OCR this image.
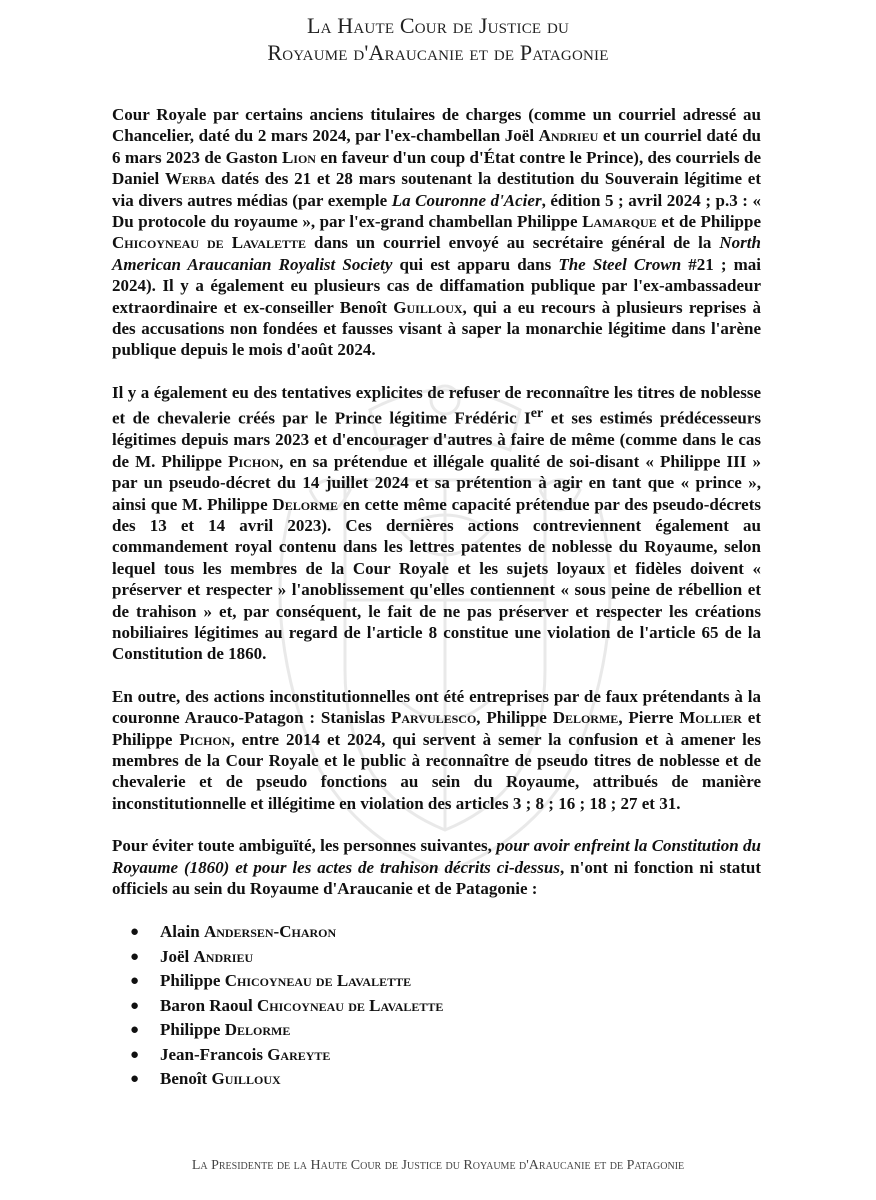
La Haute Cour de Justice du
Royaume d'Araucanie et de Patagonie

Cour Royale par certains anciens titulaires de charges (comme un courriel adressé au Chancelier, daté du 2 mars 2024, par l'ex-chambellan Joël Andrieu et un courriel daté du 6 mars 2023 de Gaston Lion en faveur d'un coup d'État contre le Prince), des courriels de Daniel Werba datés des 21 et 28 mars soutenant la destitution du Souverain légitime et via divers autres médias (par exemple La Couronne d'Acier, édition 5 ; avril 2024 ; p.3 : « Du protocole du royaume », par l'ex-grand chambellan Philippe Lamarque et de Philippe Chicoyneau de Lavalette dans un courriel envoyé au secrétaire général de la North American Araucanian Royalist Society qui est apparu dans The Steel Crown #21 ; mai 2024). Il y a également eu plusieurs cas de diffamation publique par l'ex-ambassadeur extraordinaire et ex-conseiller Benoît Guilloux, qui a eu recours à plusieurs reprises à des accusations non fondées et fausses visant à saper la monarchie légitime dans l'arène publique depuis le mois d'août 2024.

Il y a également eu des tentatives explicites de refuser de reconnaître les titres de noblesse et de chevalerie créés par le Prince légitime Frédéric Ier et ses estimés prédécesseurs légitimes depuis mars 2023 et d'encourager d'autres à faire de même (comme dans le cas de M. Philippe Pichon, en sa prétendue et illégale qualité de soi-disant « Philippe III » par un pseudo-décret du 14 juillet 2024 et sa prétention à agir en tant que « prince », ainsi que M. Philippe Delorme en cette même capacité prétendue par des pseudo-décrets des 13 et 14 avril 2023). Ces dernières actions contreviennent également au commandement royal contenu dans les lettres patentes de noblesse du Royaume, selon lequel tous les membres de la Cour Royale et les sujets loyaux et fidèles doivent « préserver et respecter » l'anoblissement qu'elles contiennent « sous peine de rébellion et de trahison » et, par conséquent, le fait de ne pas préserver et respecter les créations nobiliaires légitimes au regard de l'article 8 constitue une violation de l'article 65 de la Constitution de 1860.

En outre, des actions inconstitutionnelles ont été entreprises par de faux prétendants à la couronne Arauco-Patagon : Stanislas Parvulesco, Philippe Delorme, Pierre Mollier et Philippe Pichon, entre 2014 et 2024, qui servent à semer la confusion et à amener les membres de la Cour Royale et le public à reconnaître de pseudo titres de noblesse et de chevalerie et de pseudo fonctions au sein du Royaume, attribués de manière inconstitutionnelle et illégitime en violation des articles 3 ; 8 ; 16 ; 18 ; 27 et 31.

Pour éviter toute ambiguïté, les personnes suivantes, pour avoir enfreint la Constitution du Royaume (1860) et pour les actes de trahison décrits ci-dessus, n'ont ni fonction ni statut officiels au sein du Royaume d'Araucanie et de Patagonie :

● Alain Andersen-Charon
● Joël Andrieu
● Philippe Chicoyneau de Lavalette
● Baron Raoul Chicoyneau de Lavalette
● Philippe Delorme
● Jean-Francois Gareyte
● Benoît Guilloux
La Presidente de la Haute Cour de Justice du Royaume d'Araucanie et de Patagonie
